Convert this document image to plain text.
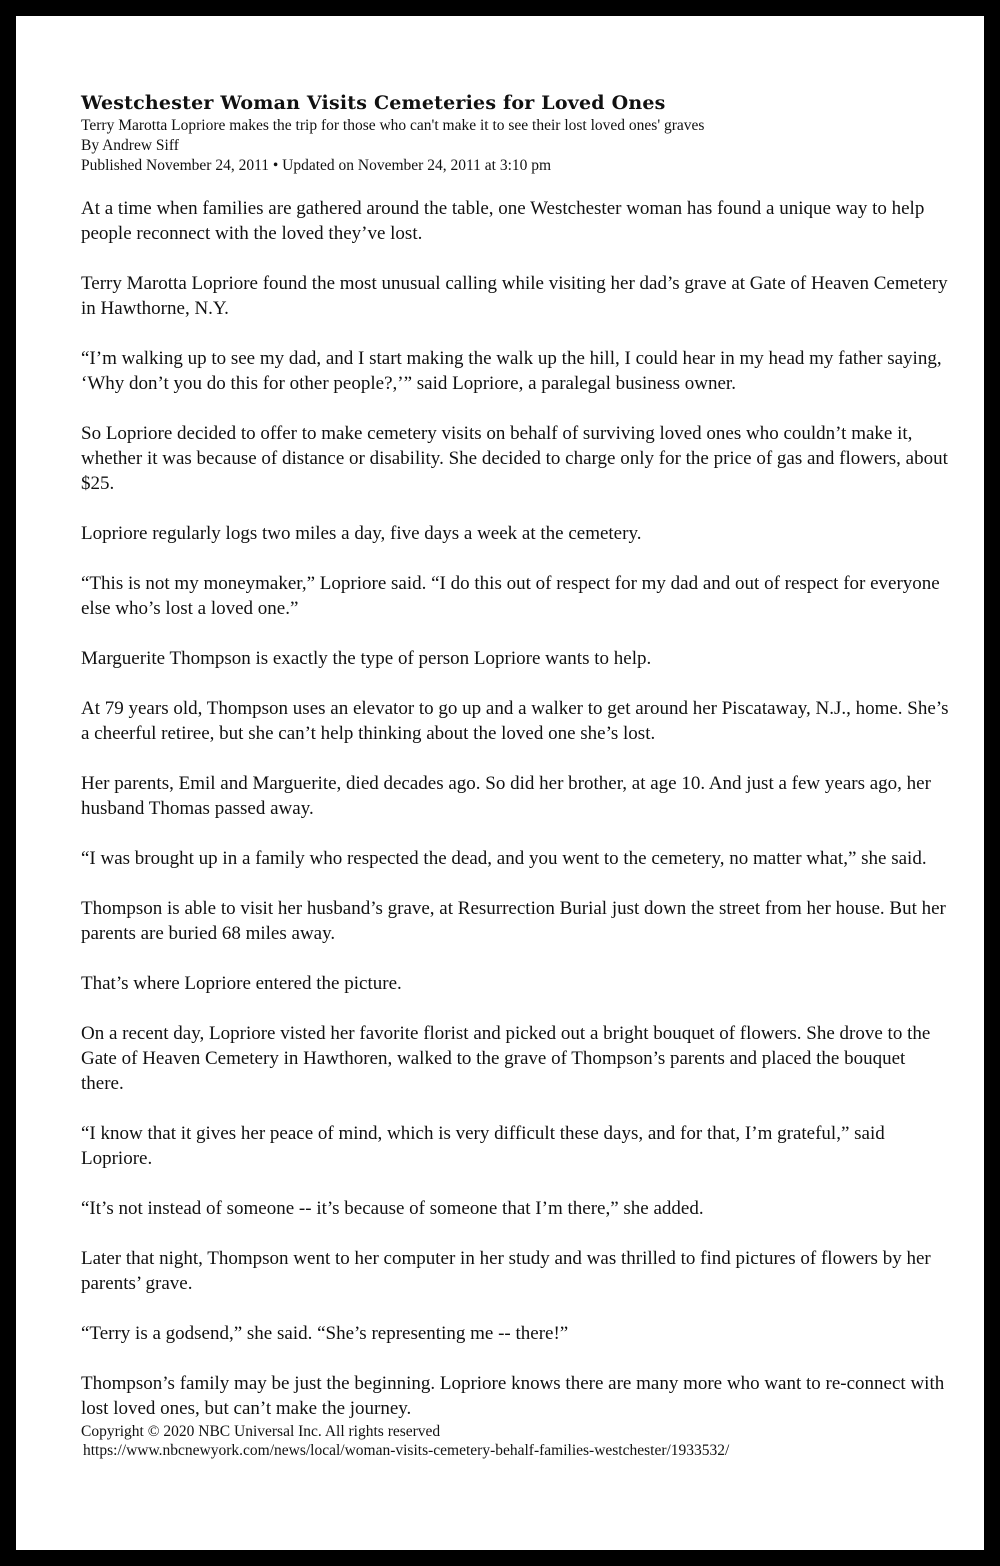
Westchester Woman Visits Cemeteries for Loved Ones

Terry Marotta Lopriore makes the trip for those who can't make it to see their lost loved ones' graves

By Andrew Siff

Published November 24, 2011 • Updated on November 24, 2011 at 3:10 pm

At a time when families are gathered around the table, one Westchester woman has found a unique way to help people reconnect with the loved they’ve lost.

Terry Marotta Lopriore found the most unusual calling while visiting her dad’s grave at Gate of Heaven Cemetery in Hawthorne, N.Y.

“I’m walking up to see my dad, and I start making the walk up the hill, I could hear in my head my father saying, ‘Why don’t you do this for other people?,’” said Lopriore, a paralegal business owner.

So Lopriore decided to offer to make cemetery visits on behalf of surviving loved ones who couldn’t make it, whether it was because of distance or disability. She decided to charge only for the price of gas and flowers, about $25.

Lopriore regularly logs two miles a day, five days a week at the cemetery.

“This is not my moneymaker,” Lopriore said. “I do this out of respect for my dad and out of respect for everyone else who’s lost a loved one.”

Marguerite Thompson is exactly the type of person Lopriore wants to help.

At 79 years old, Thompson uses an elevator to go up and a walker to get around her Piscataway, N.J., home. She’s a cheerful retiree, but she can’t help thinking about the loved one she’s lost.

Her parents, Emil and Marguerite, died decades ago. So did her brother, at age 10. And just a few years ago, her husband Thomas passed away.

“I was brought up in a family who respected the dead, and you went to the cemetery, no matter what,” she said.

Thompson is able to visit her husband’s grave, at Resurrection Burial just down the street from her house. But her parents are buried 68 miles away.

That’s where Lopriore entered the picture.

On a recent day, Lopriore visted her favorite florist and picked out a bright bouquet of flowers. She drove to the Gate of Heaven Cemetery in Hawthoren, walked to the grave of Thompson’s parents and placed the bouquet there.

“I know that it gives her peace of mind, which is very difficult these days, and for that, I’m grateful,” said Lopriore.

“It’s not instead of someone -- it’s because of someone that I’m there,” she added.

Later that night, Thompson went to her computer in her study and was thrilled to find pictures of flowers by her parents’ grave.

“Terry is a godsend,” she said. “She’s representing me -- there!”

Thompson’s family may be just the beginning. Lopriore knows there are many more who want to re-connect with lost loved ones, but can’t make the journey.

Copyright © 2020 NBC Universal Inc. All rights reserved

https://www.nbcnewyork.com/news/local/woman-visits-cemetery-behalf-families-westchester/1933532/
